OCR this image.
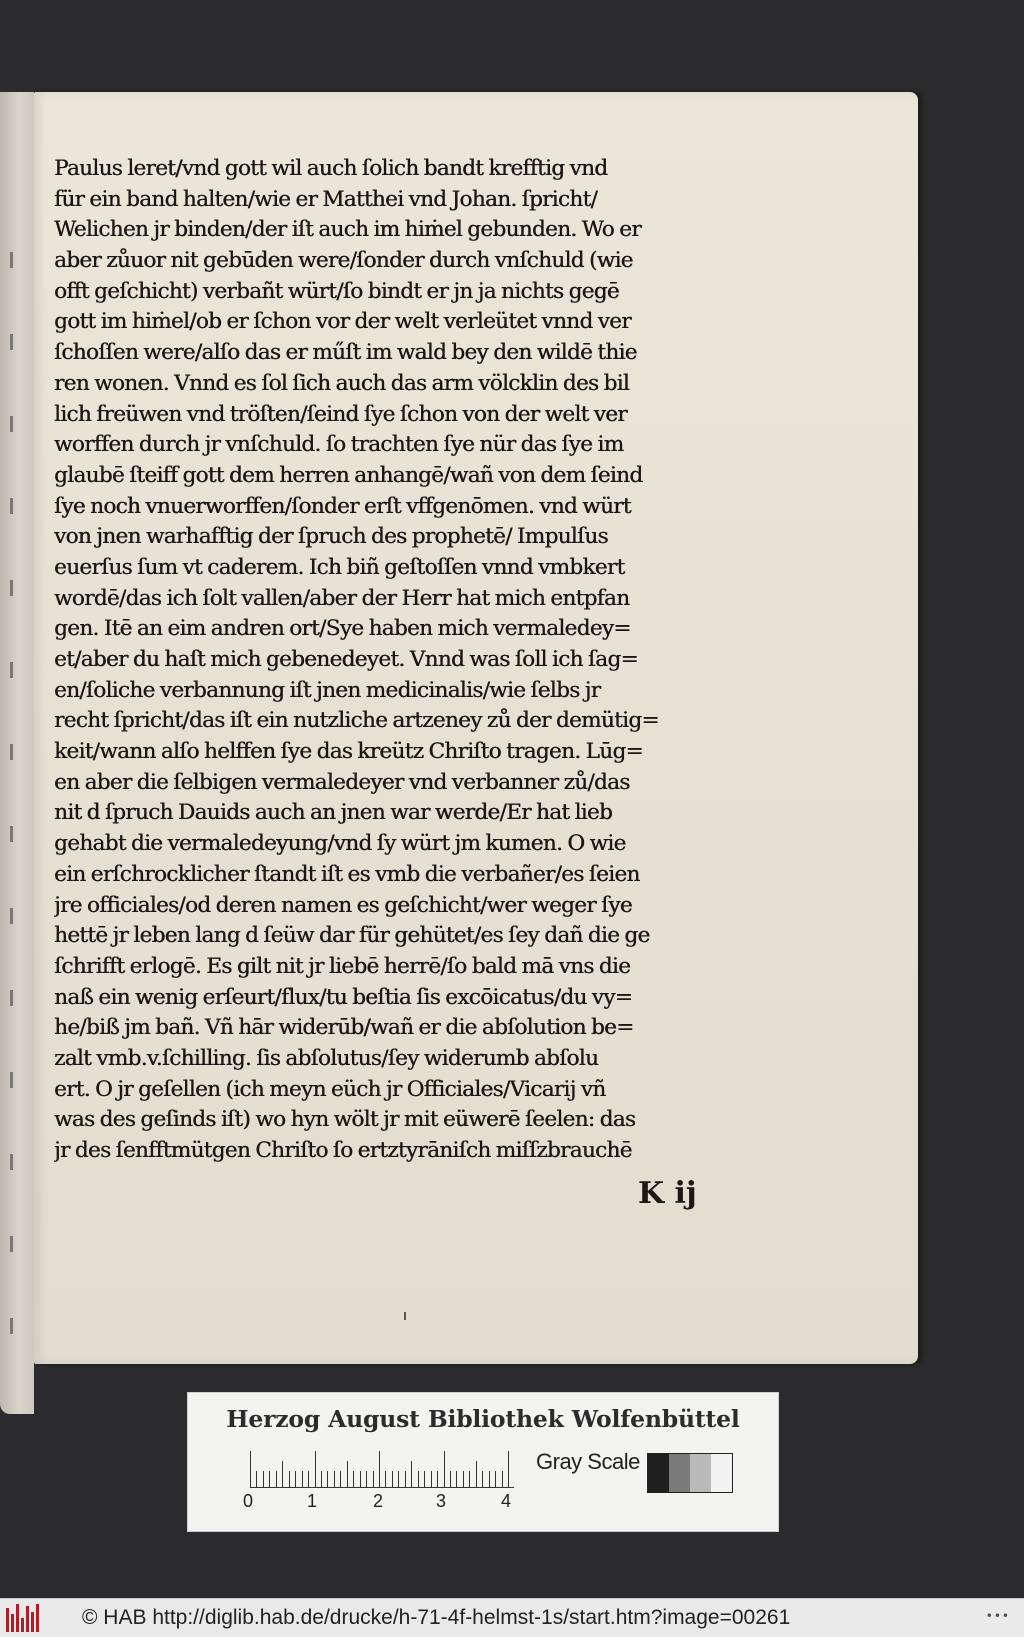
Paulus leret/vnd gott wil auch ſolich bandt krefftig vnd
für ein band halten/wie er Matthei vnd Johan. ſpricht/
Welichen jr binden/der iſt auch im hiṁel gebunden. Wo er
aber zůuor nit gebūden were/ſonder durch vnſchuld (wie
offt geſchicht) verbañt würt/ſo bindt er jn ja nichts gegē
gott im hiṁel/ob er ſchon vor der welt verleütet vnnd ver
ſchoſſen were/alſo das er műſt im wald bey den wildē thie
ren wonen. Vnnd es ſol ſich auch das arm völcklin des bil
lich freüwen vnd tröſten/ſeind ſye ſchon von der welt ver
worffen durch jr vnſchuld. ſo trachten ſye nür das ſye im
glaubē ſteiff gott dem herren anhangē/wañ von dem ſeind
ſye noch vnuerworffen/ſonder erſt vffgenōmen. vnd würt
von jnen warhafftig der ſpruch des prophetē/ Impulſus
euerſus ſum vt caderem. Ich biñ geſtoſſen vnnd vmbkert
wordē/das ich ſolt vallen/aber der Herr hat mich entpfan
gen. Itē an eim andren ort/Sye haben mich vermaledey=
et/aber du haſt mich gebenedeyet. Vnnd was ſoll ich ſag=
en/ſoliche verbannung iſt jnen medicinalis/wie ſelbs jr
recht ſpricht/das iſt ein nutzliche artzeney zů der demütig=
keit/wann alſo helffen ſye das kreütz Chriſto tragen. Lūg=
en aber die ſelbigen vermaledeyer vnd verbanner zů/das
nit d ſpruch Dauids auch an jnen war werde/Er hat lieb
gehabt die vermaledeyung/vnd ſy würt jm kumen. O wie
ein erſchrocklicher ſtandt iſt es vmb die verbañer/es ſeien
jre officiales/od deren namen es geſchicht/wer weger ſye
hettē jr leben lang d ſeüw dar für gehütet/es ſey dañ die ge
ſchrifft erlogē. Es gilt nit jr liebē herrē/ſo bald mā vns die
naß ein wenig erſeurt/flux/tu beſtia ſis excōicatus/du vy=
he/biß jm bañ. Vñ hār widerūb/wañ er die abſolution be=
zalt vmb.v.ſchilling. ſis abſolutus/ſey widerumb abſolu
ert. O jr geſellen (ich meyn eüch jr Officiales/Vicarij vñ
was des geſinds iſt) wo hyn wölt jr mit eüwerē ſeelen: das
jr des ſenfftmütgen Chriſto ſo ertztyrāniſch miſſzbrauchē
K ij
Herzog August Bibliothek Wolfenbüttel
0	1	2	3	4
Gray Scale
© HAB http://diglib.hab.de/drucke/h-71-4f-helmst-1s/start.htm?image=00261	•••
